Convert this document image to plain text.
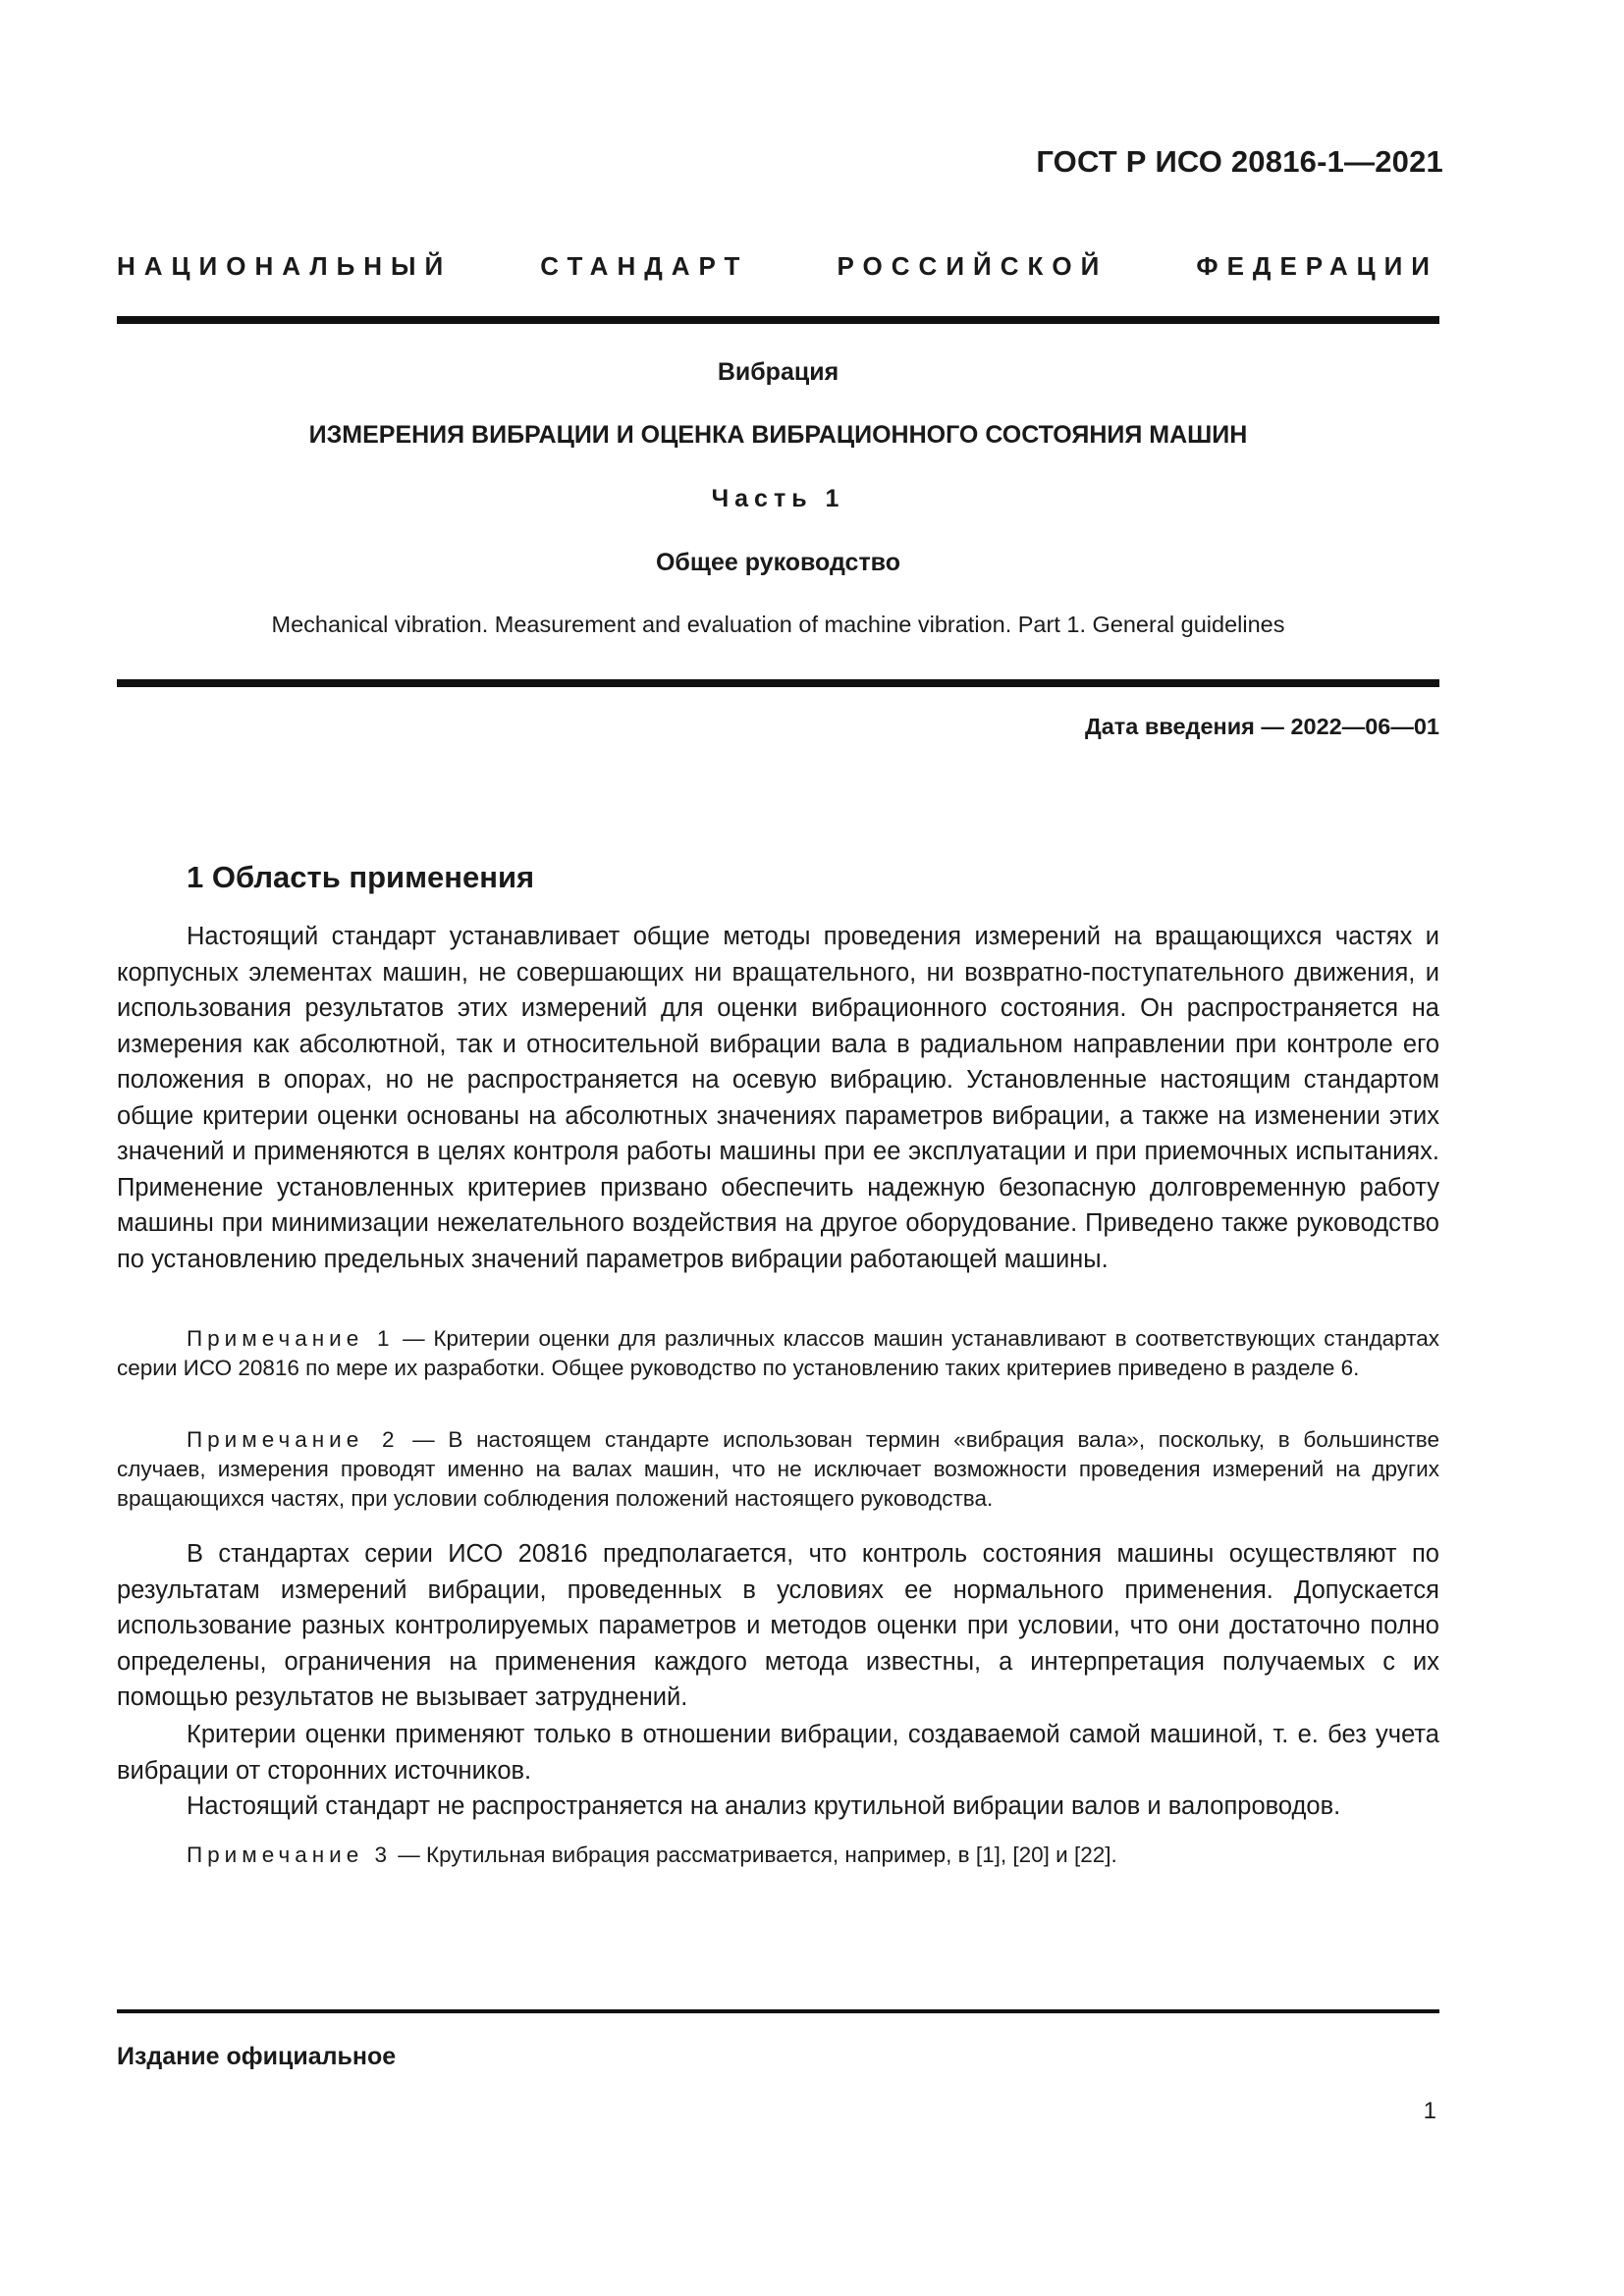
ГОСТ Р ИСО 20816-1—2021
НАЦИОНАЛЬНЫЙ СТАНДАРТ РОССИЙСКОЙ ФЕДЕРАЦИИ
Вибрация
ИЗМЕРЕНИЯ ВИБРАЦИИ И ОЦЕНКА ВИБРАЦИОННОГО СОСТОЯНИЯ МАШИН
Часть 1
Общее руководство
Mechanical vibration. Measurement and evaluation of machine vibration. Part 1. General guidelines
Дата введения — 2022—06—01
1 Область применения

Настоящий стандарт устанавливает общие методы проведения измерений на вращающихся частях и корпусных элементах машин, не совершающих ни вращательного, ни возвратно-поступательного движения, и использования результатов этих измерений для оценки вибрационного состояния. Он распространяется на измерения как абсолютной, так и относительной вибрации вала в радиальном направлении при контроле его положения в опорах, но не распространяется на осевую вибрацию. Установленные настоящим стандартом общие критерии оценки основаны на абсолютных значениях параметров вибрации, а также на изменении этих значений и применяются в целях контроля работы машины при ее эксплуатации и при приемочных испытаниях. Применение установленных критериев призвано обеспечить надежную безопасную долговременную работу машины при минимизации нежелательного воздействия на другое оборудование. Приведено также руководство по установлению предельных значений параметров вибрации работающей машины.

Примечание 1 — Критерии оценки для различных классов машин устанавливают в соответствующих стандартах серии ИСО 20816 по мере их разработки. Общее руководство по установлению таких критериев приведено в разделе 6.

Примечание 2 — В настоящем стандарте использован термин «вибрация вала», поскольку, в большинстве случаев, измерения проводят именно на валах машин, что не исключает возможности проведения измерений на других вращающихся частях, при условии соблюдения положений настоящего руководства.

В стандартах серии ИСО 20816 предполагается, что контроль состояния машины осуществляют по результатам измерений вибрации, проведенных в условиях ее нормального применения. Допускается использование разных контролируемых параметров и методов оценки при условии, что они достаточно полно определены, ограничения на применения каждого метода известны, а интерпретация получаемых с их помощью результатов не вызывает затруднений.

Критерии оценки применяют только в отношении вибрации, создаваемой самой машиной, т. е. без учета вибрации от сторонних источников.

Настоящий стандарт не распространяется на анализ крутильной вибрации валов и валопроводов.

Примечание 3 — Крутильная вибрация рассматривается, например, в [1], [20] и [22].

Издание официальное
1
